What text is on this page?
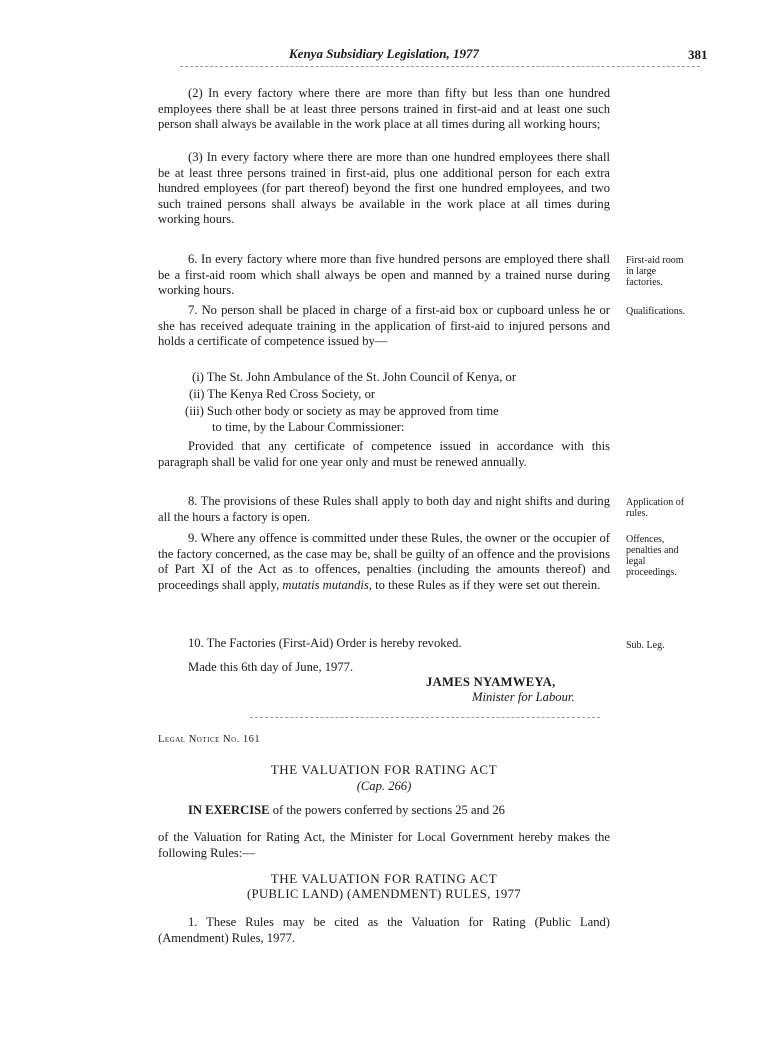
Kenya Subsidiary Legislation, 1977	381

(2) In every factory where there are more than fifty but less than one hundred employees there shall be at least three persons trained in first-aid and at least one such person shall always be available in the work place at all times during all working hours;

(3) In every factory where there are more than one hundred employees there shall be at least three persons trained in first-aid, plus one additional person for each extra hundred employees (for part thereof) beyond the first one hundred employees, and two such trained persons shall always be available in the work place at all times during working hours.

6. In every factory where more than five hundred persons are employed there shall be a first-aid room which shall always be open and manned by a trained nurse during working hours.

7. No person shall be placed in charge of a first-aid box or cupboard unless he or she has received adequate training in the application of first-aid to injured persons and holds a certificate of competence issued by—

(i) The St. John Ambulance of the St. John Council of Kenya, or

(ii) The Kenya Red Cross Society, or

(iii) Such other body or society as may be approved from time

to time, by the Labour Commissioner:

Provided that any certificate of competence issued in accordance with this paragraph shall be valid for one year only and must be renewed annually.

8. The provisions of these Rules shall apply to both day and night shifts and during all the hours a factory is open.

9. Where any offence is committed under these Rules, the owner or the occupier of the factory concerned, as the case may be, shall be guilty of an offence and the provisions of Part XI of the Act as to offences, penalties (including the amounts thereof) and proceedings shall apply, mutatis mutandis, to these Rules as if they were set out therein.

10. The Factories (First-Aid) Order is hereby revoked.

Made this 6th day of June, 1977.

JAMES NYAMWEYA,
Minister for Labour.

First-aid room in large factories.

Qualifications.

Application of rules.

Offences, penalties and legal proceedings.

Sub. Leg.

Legal Notice No. 161

THE VALUATION FOR RATING ACT

(Cap. 266)

IN EXERCISE of the powers conferred by sections 25 and 26

of the Valuation for Rating Act, the Minister for Local Government hereby makes the following Rules:—

THE VALUATION FOR RATING ACT

(PUBLIC LAND) (AMENDMENT) RULES, 1977

1. These Rules may be cited as the Valuation for Rating (Public Land) (Amendment) Rules, 1977.
